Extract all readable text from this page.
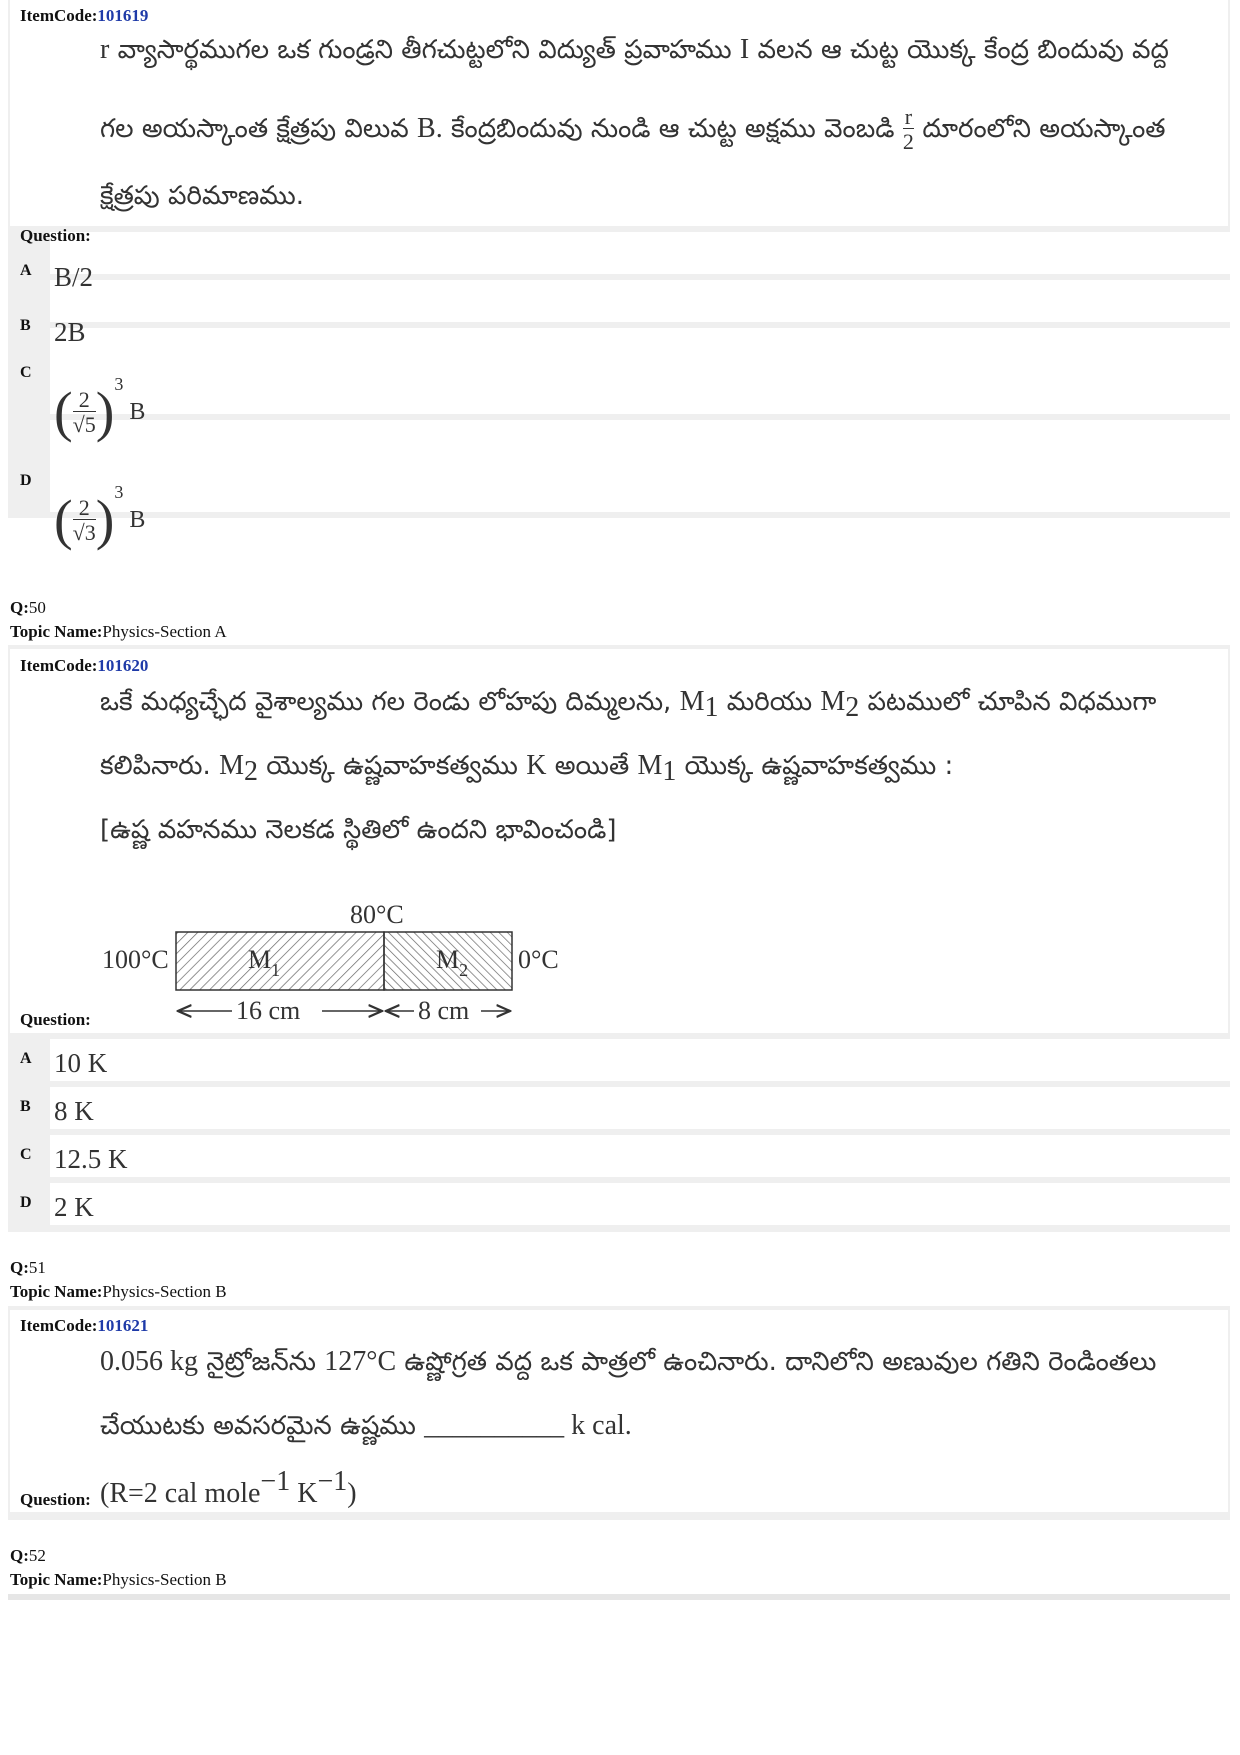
ItemCode:101619
r వ్యాసార్థముగల ఒక గుండ్రని తీగచుట్టలోని విద్యుత్ ప్రవాహము I వలన ఆ చుట్ట యొక్క కేంద్ర బిందువు వద్ద
గల అయస్కాంత క్షేత్రపు విలువ B. కేంద్రబిందువు నుండి ఆ చుట్ట అక్షము వెంబడి $\frac{r}{2}$ దూరంలోని అయస్కాంత
క్షేత్రపు పరిమాణము.
Question:
A B/2
B 2B
C
( $\frac{2}{√5} )^3$ B
D
( $\frac{2}{√3} )^3$ B
Q:50
Topic Name:Physics-Section A
ItemCode:101620
ఒకే మధ్యచ్ఛేద వైశాల్యము గల రెండు లోహపు దిమ్మలను, M1 మరియు M2 పటములో చూపిన విధముగా
కలిపినారు. M2 యొక్క ఉష్ణవాహకత్వము K అయితే M1 యొక్క ఉష్ణవాహకత్వము :
[ఉష్ణ వహనము నెలకడ స్థితిలో ఉందని భావించండి]
100°C
80°C
0°C
$M_1$	$M_2$
16 cm	8 cm
Question:
A 10 K
B 8 K
C 12.5 K
D 2 K
Q:51
Topic Name:Physics-Section B
ItemCode:101621
0.056 kg నైట్రోజన్‌ను 127°C ఉష్ణోగ్రత వద్ద ఒక పాత్రలో ఉంచినారు. దానిలోని అణువుల గతిని రెండింతలు
చేయుటకు అవసరమైన ఉష్ణము __________ k cal.
(R=2 cal mole−1 K−1)
Question:
Q:52
Topic Name:Physics-Section B
